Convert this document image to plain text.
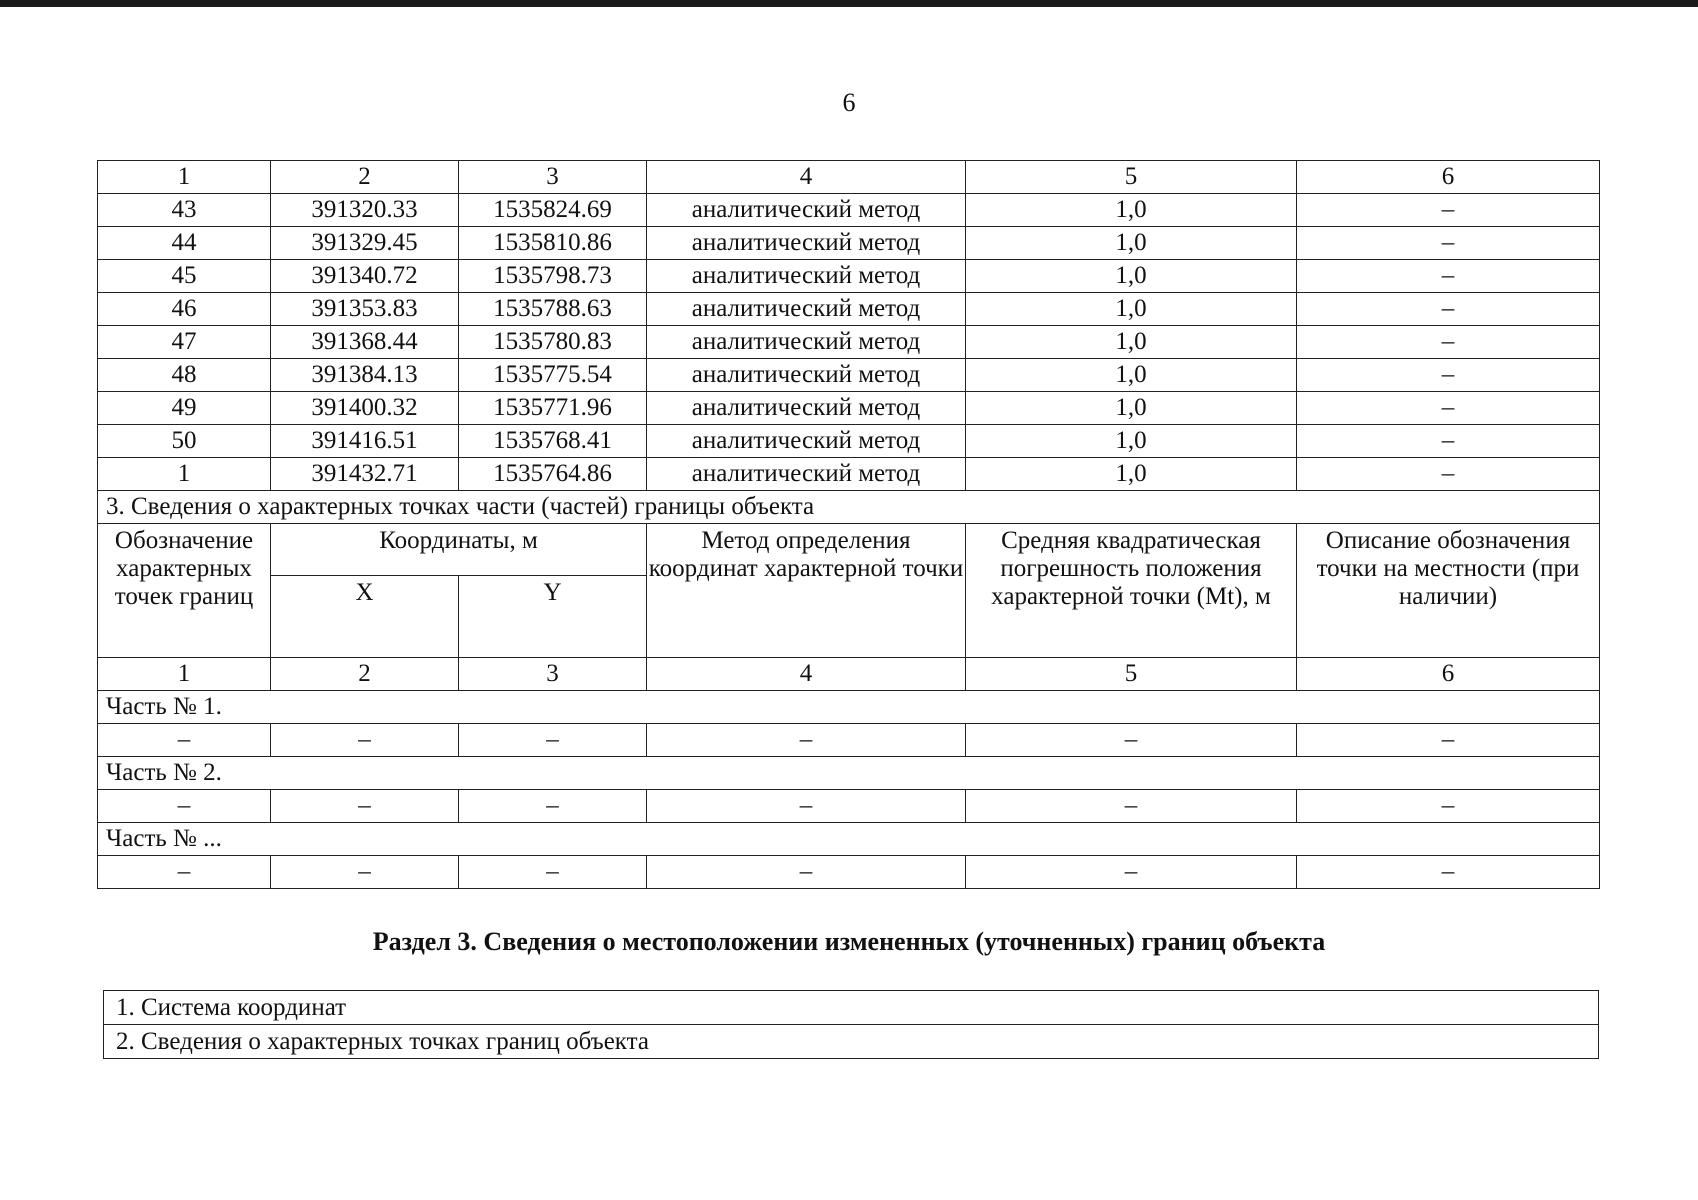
6
1	2	3	4	5	6
43	391320.33	1535824.69	аналитический метод	1,0	–
44	391329.45	1535810.86	аналитический метод	1,0	–
45	391340.72	1535798.73	аналитический метод	1,0	–
46	391353.83	1535788.63	аналитический метод	1,0	–
47	391368.44	1535780.83	аналитический метод	1,0	–
48	391384.13	1535775.54	аналитический метод	1,0	–
49	391400.32	1535771.96	аналитический метод	1,0	–
50	391416.51	1535768.41	аналитический метод	1,0	–
1	391432.71	1535764.86	аналитический метод	1,0	–
3. Сведения о характерных точках части (частей) границы объекта					
Обозначение характерных точек границ	Координаты, м		Метод определения координат характерной точки	Средняя квадратическая погрешность положения характерной точки (Mt), м	Описание обозначения точки на местности (при наличии)
	X	Y			
1	2	3	4	5	6
Часть № 1.					
–	–	–	–	–	–
Часть № 2.					
–	–	–	–	–	–
Часть № ...					
–	–	–	–	–	–
Раздел 3. Сведения о местоположении измененных (уточненных) границ объекта
1. Система координат
2. Сведения о характерных точках границ объекта
